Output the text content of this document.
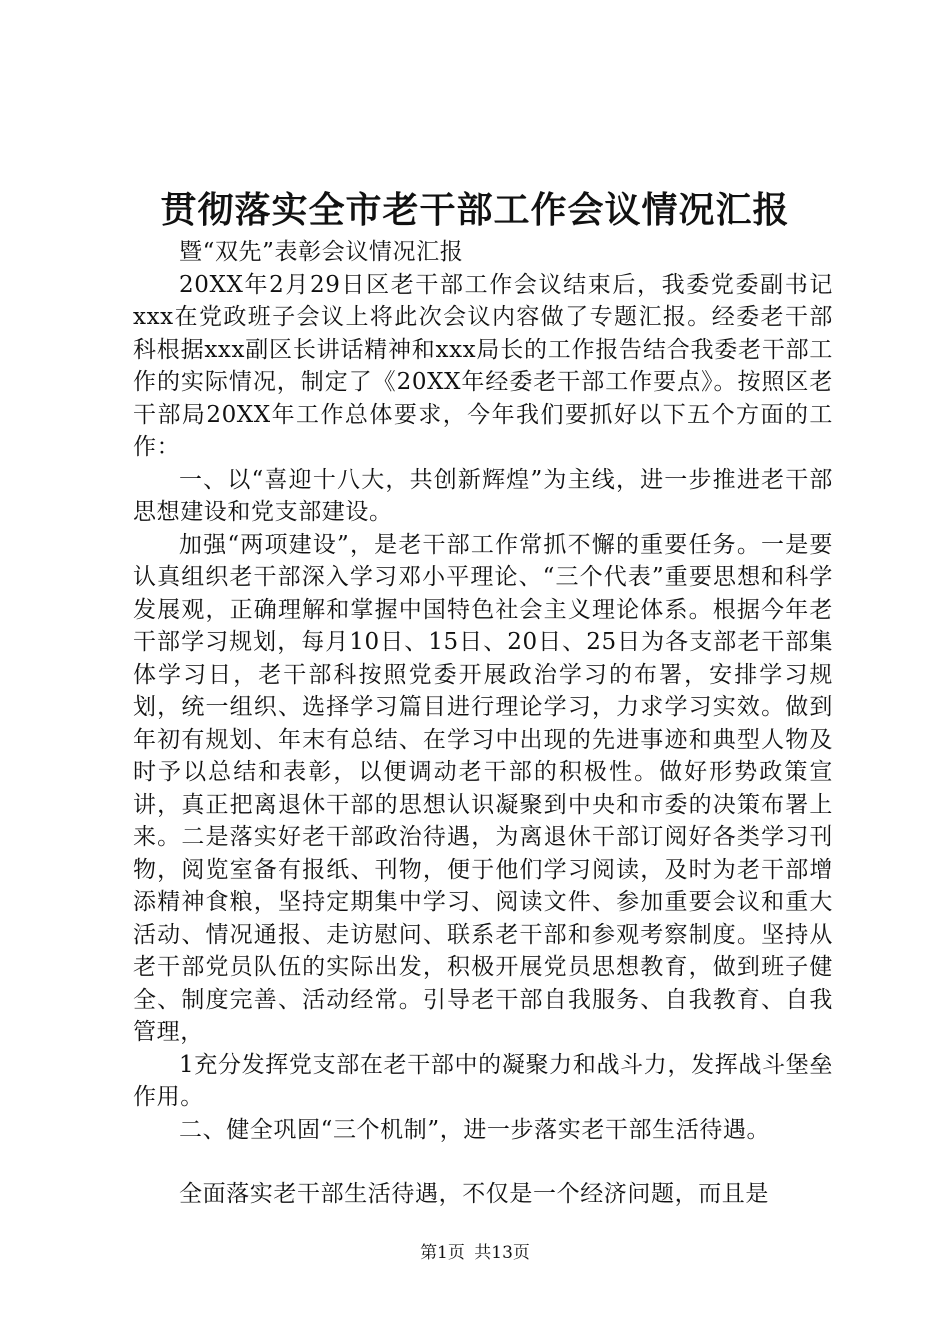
贯彻落实全市老干部工作会议情况汇报

暨“双先”表彰会议情况汇报

20XX年2月29日区老干部工作会议结束后，我委党委副书记xxx在党政班子会议上将此次会议内容做了专题汇报。经委老干部科根据xxx副区长讲话精神和xxx局长的工作报告结合我委老干部工作的实际情况，制定了《20XX年经委老干部工作要点》。按照区老干部局20XX年工作总体要求，今年我们要抓好以下五个方面的工作：

一、以“喜迎十八大，共创新辉煌”为主线，进一步推进老干部思想建设和党支部建设。

加强“两项建设”，是老干部工作常抓不懈的重要任务。一是要认真组织老干部深入学习邓小平理论、“三个代表”重要思想和科学发展观，正确理解和掌握中国特色社会主义理论体系。根据今年老干部学习规划，每月10日、15日、20日、25日为各支部老干部集体学习日，老干部科按照党委开展政治学习的布署，安排学习规划，统一组织、选择学习篇目进行理论学习，力求学习实效。做到年初有规划、年末有总结、在学习中出现的先进事迹和典型人物及时予以总结和表彰，以便调动老干部的积极性。做好形势政策宣讲，真正把离退休干部的思想认识凝聚到中央和市委的决策布署上来。二是落实好老干部政治待遇，为离退休干部订阅好各类学习刊物，阅览室备有报纸、刊物，便于他们学习阅读，及时为老干部增添精神食粮，坚持定期集中学习、阅读文件、参加重要会议和重大活动、情况通报、走访慰问、联系老干部和参观考察制度。坚持从老干部党员队伍的实际出发，积极开展党员思想教育，做到班子健全、制度完善、活动经常。引导老干部自我服务、自我教育、自我管理，

1充分发挥党支部在老干部中的凝聚力和战斗力，发挥战斗堡垒作用。

二、健全巩固“三个机制”，进一步落实老干部生活待遇。

全面落实老干部生活待遇，不仅是一个经济问题，而且是

第1页 共13页
